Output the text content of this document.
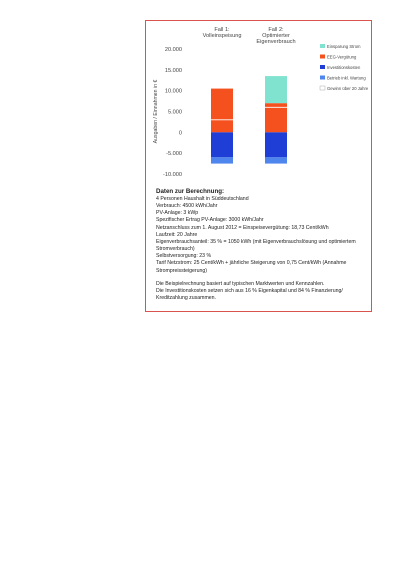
Ausgaben / Einnahmen in €
20.000
15.000
10.000
5.000
0
-5.000
-10.000
Fall 1:
Volleinspeisung
Fall 2:
Optimierter
Eigenverbrauch
Einsparung Strom
EEG-Vergütung
Investitionskosten
Betrieb inkl. Wartung
Gewinn über 20 Jahre
Daten zur Berechnung:
4 Personen Haushalt in Süddeutschland
Verbrauch: 4500 kWh/Jahr
PV-Anlage: 3 kWp
Spezifischer Ertrag PV-Anlage: 3000 kWh/Jahr
Netzanschluss zum 1. August 2012 = Einspeisevergütung: 18,73 Cent/kWh
Laufzeit: 20 Jahre
Eigenverbrauchsanteil: 35 % = 1050 kWh (mit Eigenverbrauchslösung und optimiertem Stromverbrauch)
Selbstversorgung: 23 %
Tarif Netzstrom: 25 Cent/kWh + jährliche Steigerung von 0,75 Cent/kWh (Annahme Strompreissteigerung)
Die Beispielrechnung basiert auf typischen Marktwerten und Kennzahlen.
Die Investitionskosten setzen sich aus 16 % Eigenkapital und 84 % Finanzierung/ Kreditzahlung zusammen.
